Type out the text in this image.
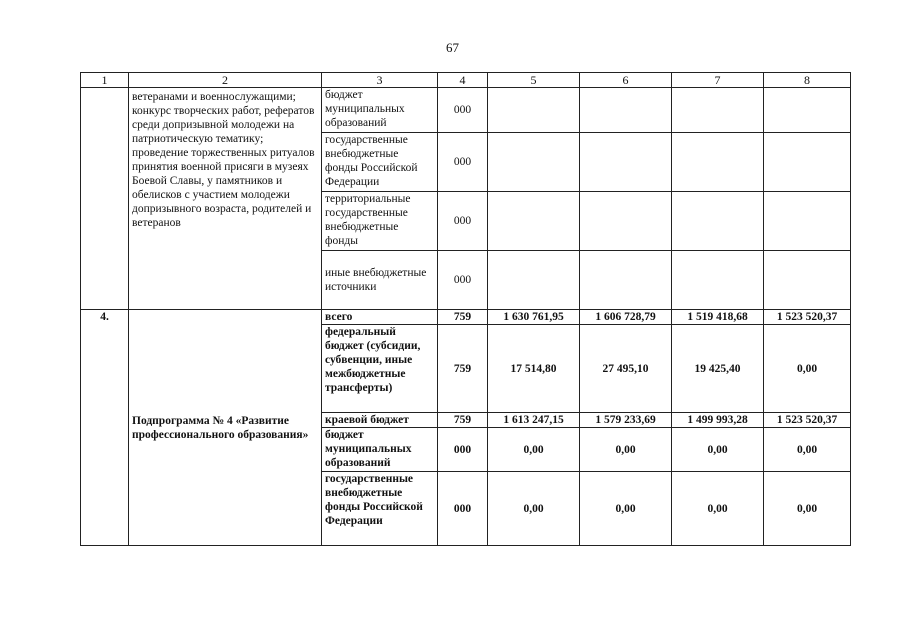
67
1	2	3	4	5	6	7	8
	ветеранами и военнослужащими; конкурс творческих работ, рефератов среди допризывной молодежи на патриотическую тематику; проведение торжественных ритуалов принятия военной присяги в музеях Боевой Славы, у памятников и обелисков с участием молодежи допризывного возраста, родителей и ветеранов	бюджет муниципальных образований	000				
		государственные внебюджетные фонды Российской Федерации	000				
		территориальные государственные внебюджетные фонды	000				
		иные внебюджетные источники	000				
4.	Подпрограмма № 4 «Развитие профессионального образования»	всего	759	1 630 761,95	1 606 728,79	1 519 418,68	1 523 520,37
		федеральный бюджет (субсидии, субвенции, иные межбюджетные трансферты)	759	17 514,80	27 495,10	19 425,40	0,00
		краевой бюджет	759	1 613 247,15	1 579 233,69	1 499 993,28	1 523 520,37
		бюджет муниципальных образований	000	0,00	0,00	0,00	0,00
		государственные внебюджетные фонды Российской Федерации	000	0,00	0,00	0,00	0,00
